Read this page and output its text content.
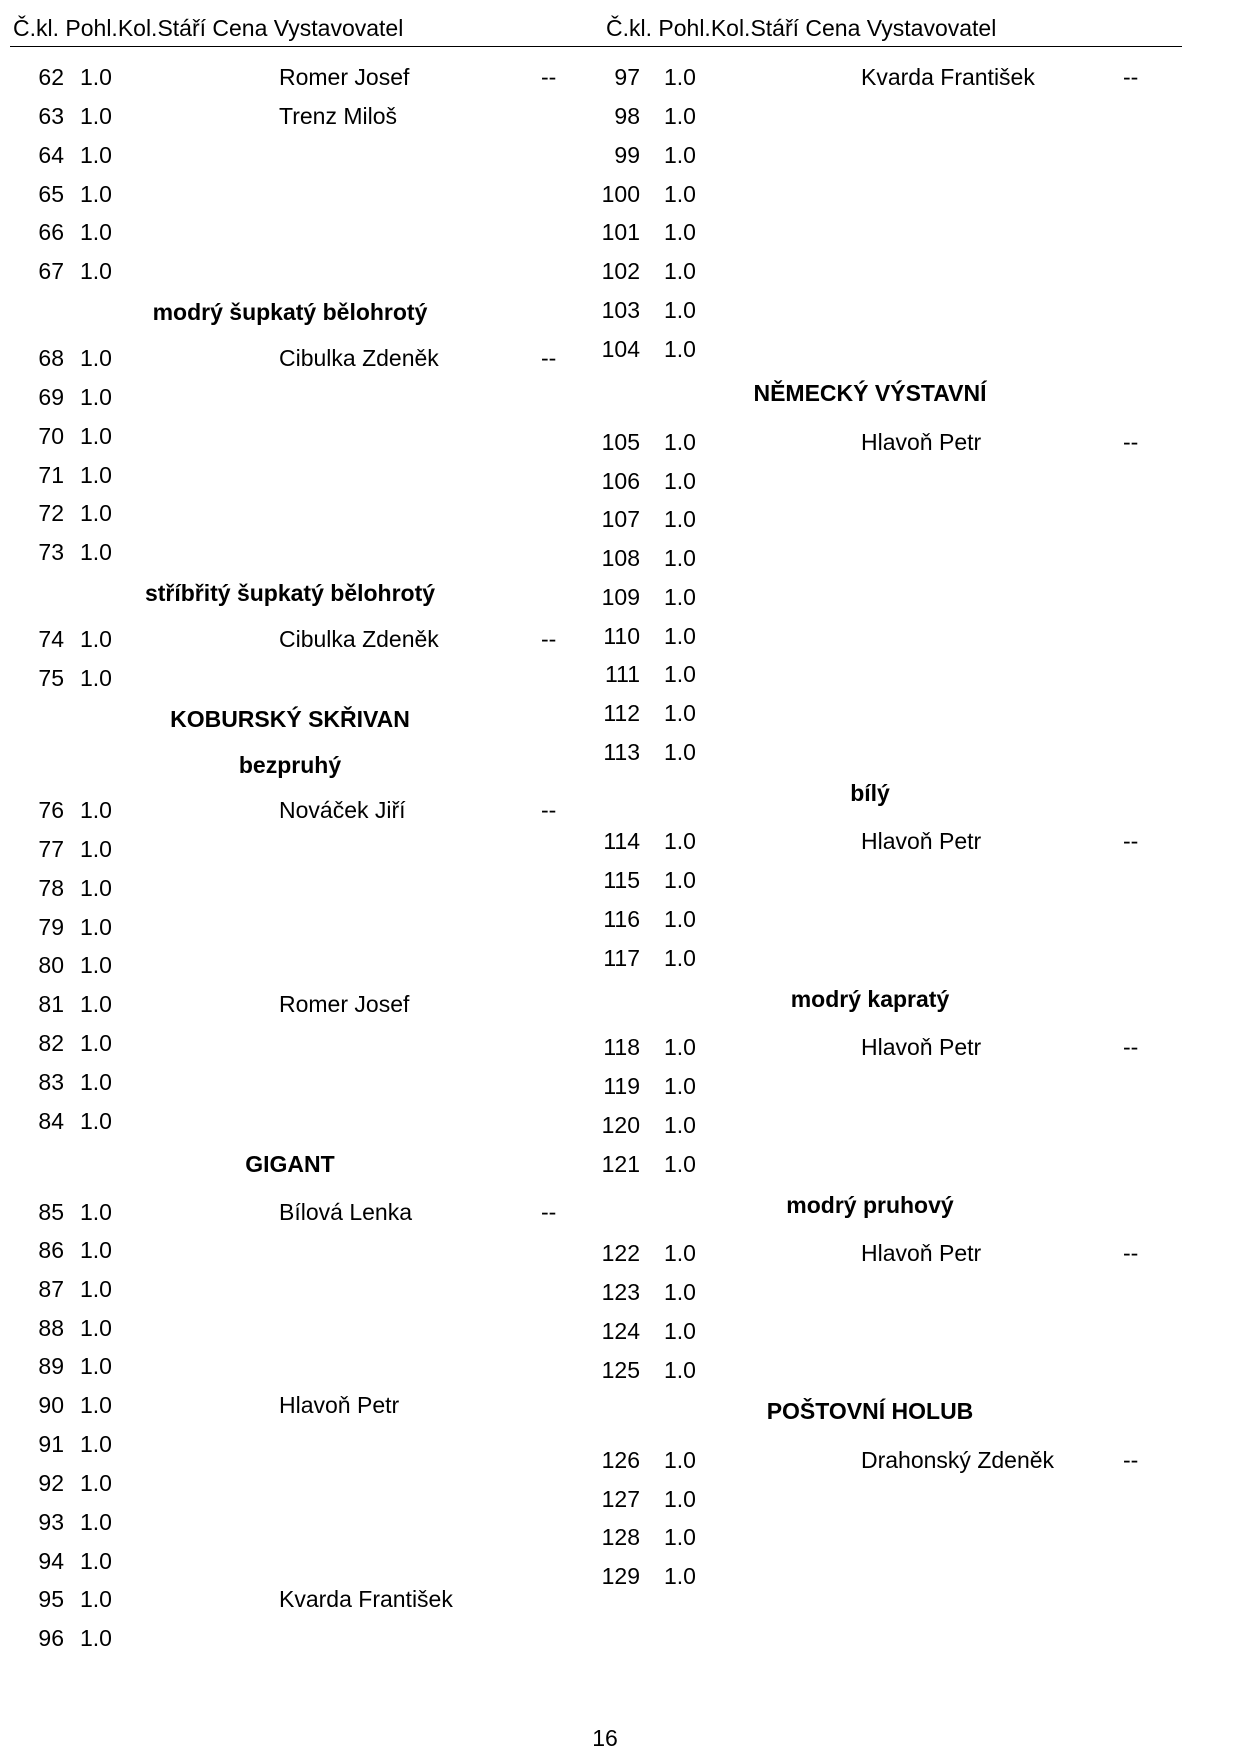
Č.kl. Pohl.Kol.Stáří Cena Vystavovatel	Č.kl. Pohl.Kol.Stáří Cena Vystavovatel
62 1.0	Romer Josef	--
63 1.0	Trenz Miloš
64 1.0
65 1.0
66 1.0
67 1.0
modrý šupkatý bělohrotý
68 1.0	Cibulka Zdeněk	--
69 1.0
70 1.0
71 1.0
72 1.0
73 1.0
stříbřitý šupkatý bělohrotý
74 1.0	Cibulka Zdeněk	--
75 1.0
KOBURSKÝ SKŘIVAN
bezpruhý
76 1.0	Nováček Jiří	--
77 1.0
78 1.0
79 1.0
80 1.0
81 1.0	Romer Josef
82 1.0
83 1.0
84 1.0
GIGANT
85 1.0	Bílová Lenka	--
86 1.0
87 1.0
88 1.0
89 1.0
90 1.0	Hlavoň Petr
91 1.0
92 1.0
93 1.0
94 1.0
95 1.0	Kvarda František
96 1.0
97 1.0	Kvarda František	--
98 1.0
99 1.0
100 1.0
101 1.0
102 1.0
103 1.0
104 1.0
NĚMECKÝ VÝSTAVNÍ
105 1.0	Hlavoň Petr	--
106 1.0
107 1.0
108 1.0
109 1.0
110 1.0
111 1.0
112 1.0
113 1.0
bílý
114 1.0	Hlavoň Petr	--
115 1.0
116 1.0
117 1.0
modrý kapratý
118 1.0	Hlavoň Petr	--
119 1.0
120 1.0
121 1.0
modrý pruhový
122 1.0	Hlavoň Petr	--
123 1.0
124 1.0
125 1.0
POŠTOVNÍ HOLUB
126 1.0	Drahonský Zdeněk	--
127 1.0
128 1.0
129 1.0
16
